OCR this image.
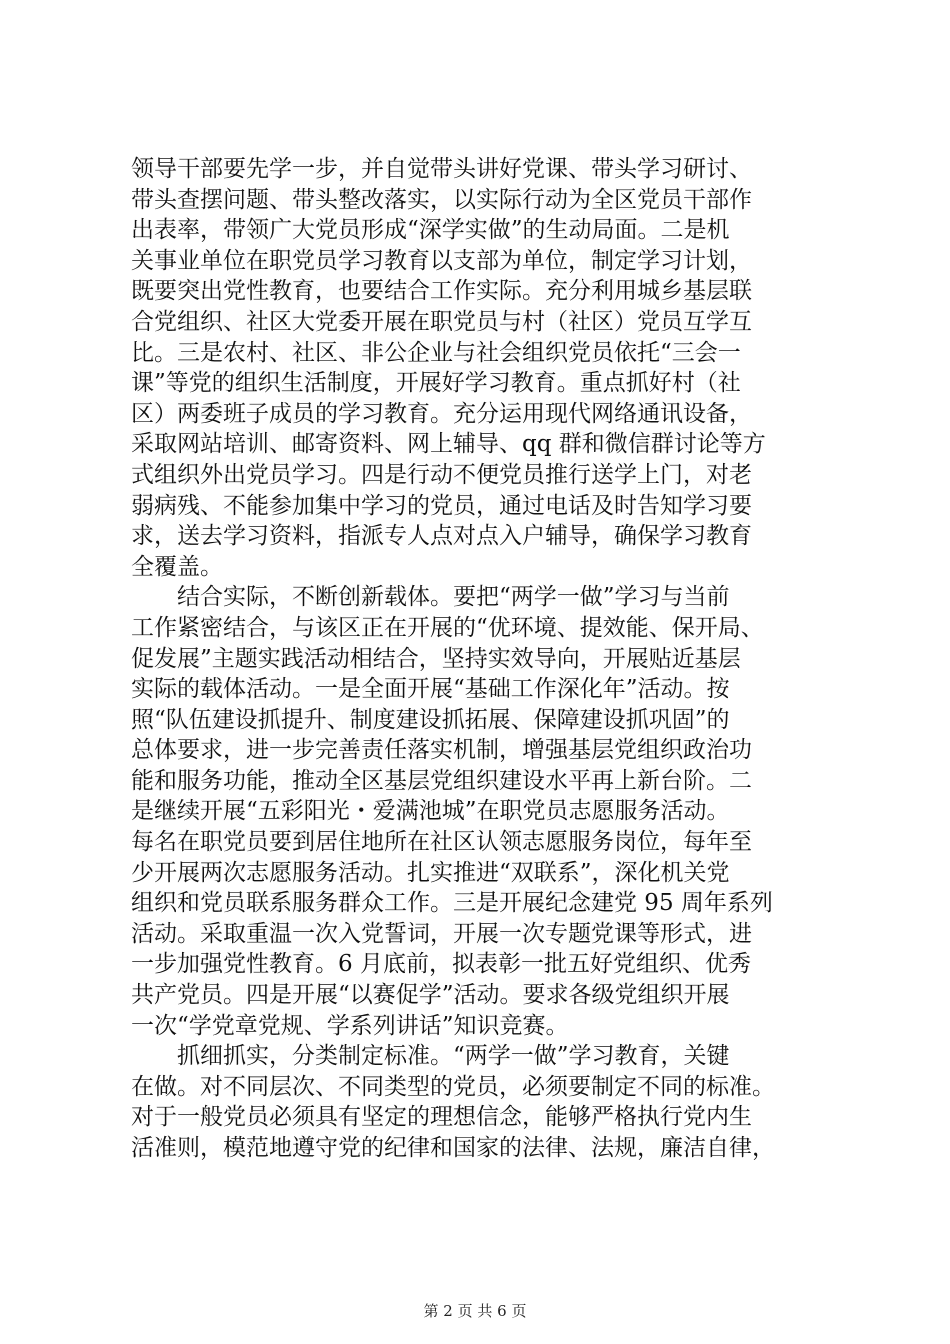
领导干部要先学一步，并自觉带头讲好党课、带头学习研讨、
带头查摆问题、带头整改落实，以实际行动为全区党员干部作
出表率，带领广大党员形成“深学实做”的生动局面。二是机
关事业单位在职党员学习教育以支部为单位，制定学习计划，
既要突出党性教育，也要结合工作实际。充分利用城乡基层联
合党组织、社区大党委开展在职党员与村（社区）党员互学互
比。三是农村、社区、非公企业与社会组织党员依托“三会一
课”等党的组织生活制度，开展好学习教育。重点抓好村（社
区）两委班子成员的学习教育。充分运用现代网络通讯设备，
采取网站培训、邮寄资料、网上辅导、qq 群和微信群讨论等方
式组织外出党员学习。四是行动不便党员推行送学上门，对老
弱病残、不能参加集中学习的党员，通过电话及时告知学习要
求，送去学习资料，指派专人点对点入户辅导，确保学习教育
全覆盖。
结合实际，不断创新载体。要把“两学一做”学习与当前
工作紧密结合，与该区正在开展的“优环境、提效能、保开局、
促发展”主题实践活动相结合，坚持实效导向，开展贴近基层
实际的载体活动。一是全面开展“基础工作深化年”活动。按
照“队伍建设抓提升、制度建设抓拓展、保障建设抓巩固”的
总体要求，进一步完善责任落实机制，增强基层党组织政治功
能和服务功能，推动全区基层党组织建设水平再上新台阶。二
是继续开展“五彩阳光・爱满池城”在职党员志愿服务活动。
每名在职党员要到居住地所在社区认领志愿服务岗位，每年至
少开展两次志愿服务活动。扎实推进“双联系”，深化机关党
组织和党员联系服务群众工作。三是开展纪念建党 95 周年系列
活动。采取重温一次入党誓词，开展一次专题党课等形式，进
一步加强党性教育。6 月底前，拟表彰一批五好党组织、优秀
共产党员。四是开展“以赛促学”活动。要求各级党组织开展
一次“学党章党规、学系列讲话”知识竞赛。
抓细抓实，分类制定标准。“两学一做”学习教育，关键
在做。对不同层次、不同类型的党员，必须要制定不同的标准。
对于一般党员必须具有坚定的理想信念，能够严格执行党内生
活准则，模范地遵守党的纪律和国家的法律、法规，廉洁自律，
第 2 页 共 6 页
